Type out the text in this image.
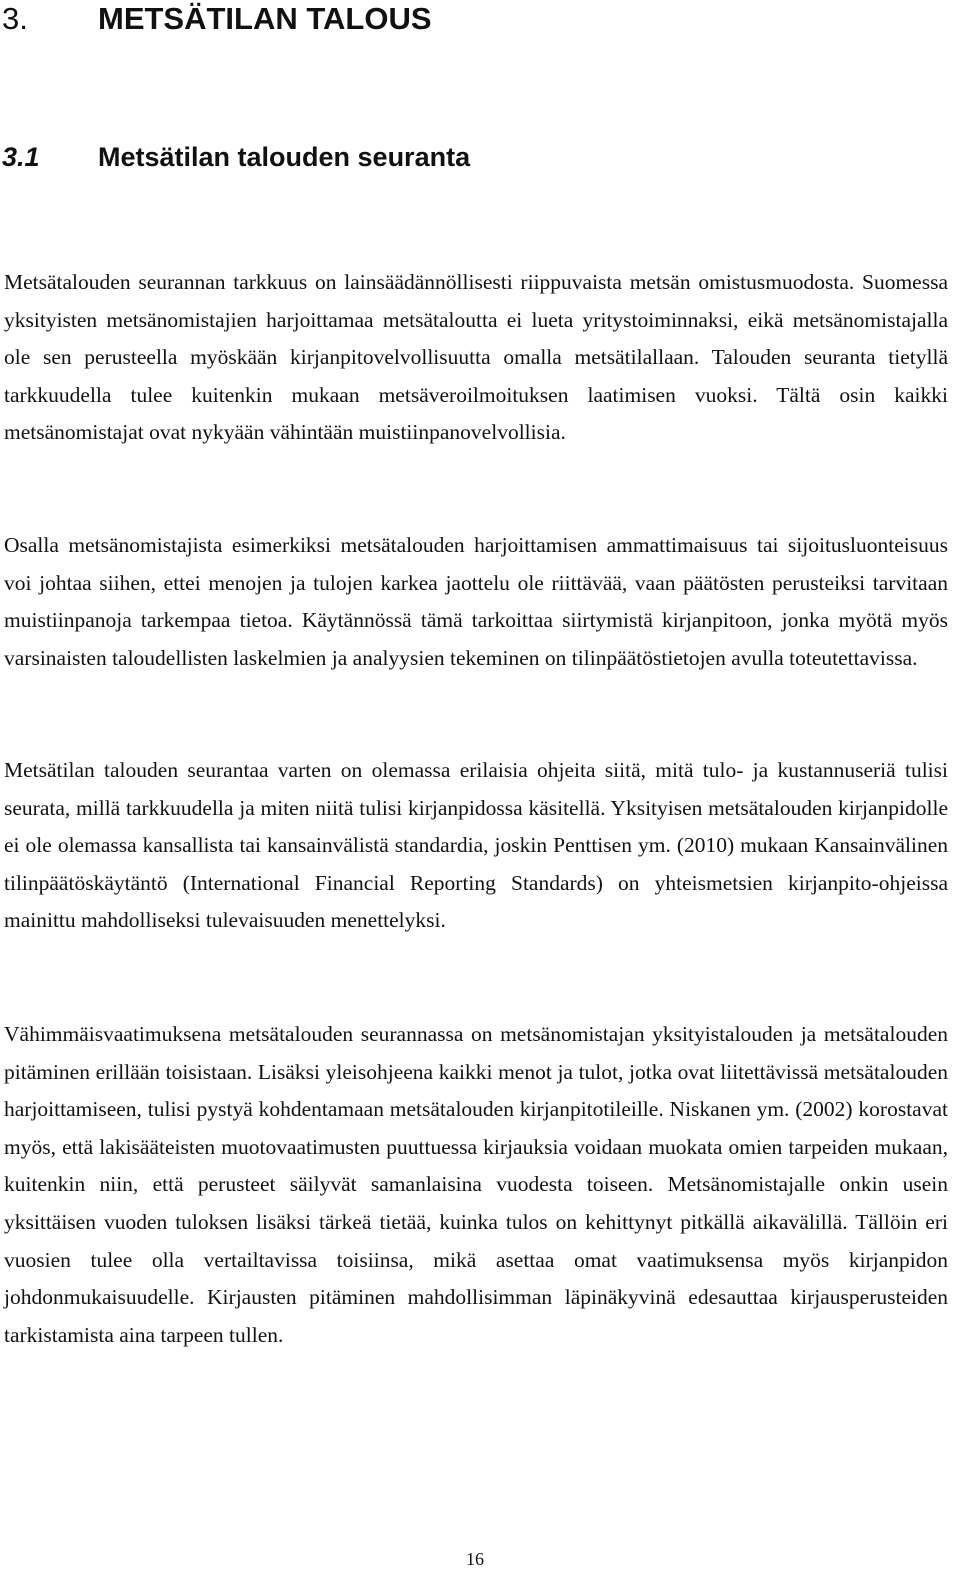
3. METSÄTILAN TALOUS
3.1 Metsätilan talouden seuranta

Metsätalouden seurannan tarkkuus on lainsäädännöllisesti riippuvaista metsän omistusmuodosta. Suomessa yksityisten metsänomistajien harjoittamaa metsätaloutta ei lueta yritystoiminnaksi, eikä metsänomistajalla ole sen perusteella myöskään kirjanpitovelvollisuutta omalla metsätilallaan. Talouden seuranta tietyllä tarkkuudella tulee kuitenkin mukaan metsäveroilmoituksen laatimisen vuoksi. Tältä osin kaikki metsänomistajat ovat nykyään vähintään muistiinpanovelvollisia.

Osalla metsänomistajista esimerkiksi metsätalouden harjoittamisen ammattimaisuus tai sijoitusluonteisuus voi johtaa siihen, ettei menojen ja tulojen karkea jaottelu ole riittävää, vaan päätösten perusteiksi tarvitaan muistiinpanoja tarkempaa tietoa. Käytännössä tämä tarkoittaa siirtymistä kirjanpitoon, jonka myötä myös varsinaisten taloudellisten laskelmien ja analyysien tekeminen on tilinpäätöstietojen avulla toteutettavissa.

Metsätilan talouden seurantaa varten on olemassa erilaisia ohjeita siitä, mitä tulo- ja kustannuseriä tulisi seurata, millä tarkkuudella ja miten niitä tulisi kirjanpidossa käsitellä. Yksityisen metsätalouden kirjanpidolle ei ole olemassa kansallista tai kansainvälistä standardia, joskin Penttisen ym. (2010) mukaan Kansainvälinen tilinpäätöskäytäntö (International Financial Reporting Standards) on yhteismetsien kirjanpito-ohjeissa mainittu mahdolliseksi tulevaisuuden menettelyksi.

Vähimmäisvaatimuksena metsätalouden seurannassa on metsänomistajan yksityistalouden ja metsätalouden pitäminen erillään toisistaan. Lisäksi yleisohjeena kaikki menot ja tulot, jotka ovat liitettävissä metsätalouden harjoittamiseen, tulisi pystyä kohdentamaan metsätalouden kirjanpitotileille. Niskanen ym. (2002) korostavat myös, että lakisääteisten muotovaatimusten puuttuessa kirjauksia voidaan muokata omien tarpeiden mukaan, kuitenkin niin, että perusteet säilyvät samanlaisina vuodesta toiseen. Metsänomistajalle onkin usein yksittäisen vuoden tuloksen lisäksi tärkeä tietää, kuinka tulos on kehittynyt pitkällä aikavälillä. Tällöin eri vuosien tulee olla vertailtavissa toisiinsa, mikä asettaa omat vaatimuksensa myös kirjanpidon johdonmukaisuudelle. Kirjausten pitäminen mahdollisimman läpinäkyvinä edesauttaa kirjausperusteiden tarkistamista aina tarpeen tullen.

16
